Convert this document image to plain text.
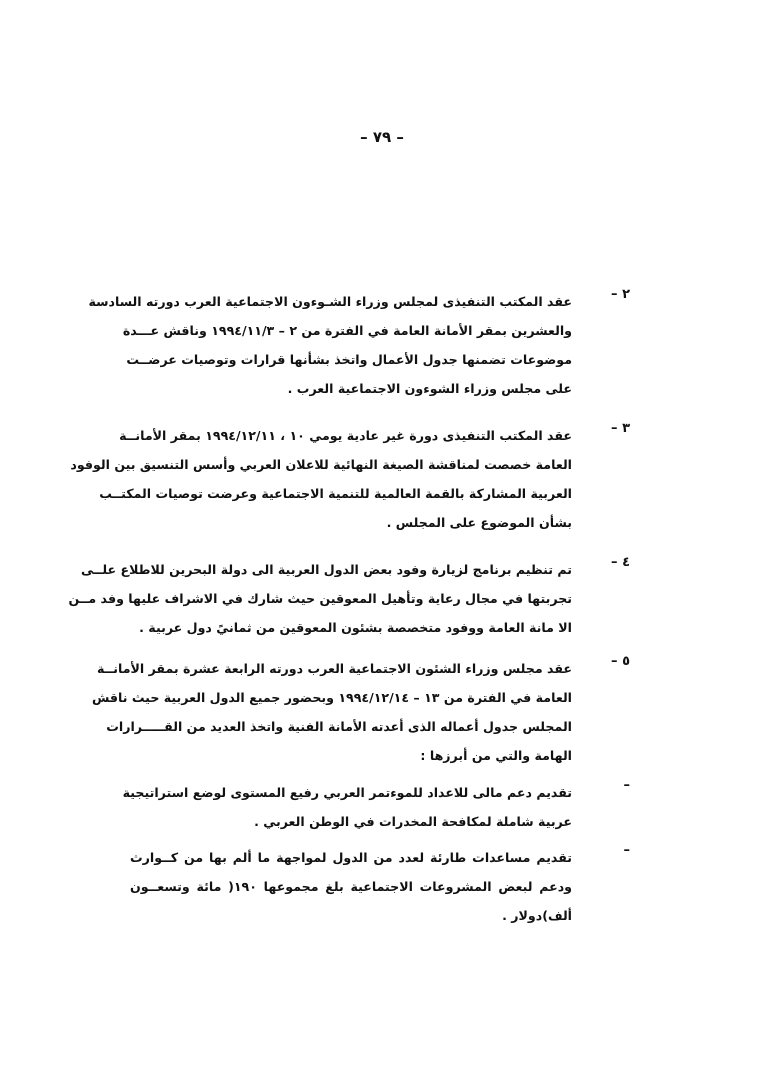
– ٧٩ –
٢ –
عقد المكتب التنفيذى لمجلس وزراء الشـوءون الاجتماعية العرب دورته السادسة
والعشرين بمقر الأمانة العامة في الفترة من ٢ – ١٩٩٤/١١/٣ وناقش عـــدة
موضوعات تضمنها جدول الأعمال واتخذ بشأنها قرارات وتوصيات عرضــت
على مجلس وزراء الشوءون الاجتماعية العرب .
٣ –
عقد المكتب التنفيذى دورة غير عادية يومي ١٠ ، ١٩٩٤/١٢/١١ بمقر الأمانــة
العامة خصصت لمناقشة الصيغة النهائية للاعلان العربي وأسس التنسيق بين الوفود
العربية المشاركة بالقمة العالمية للتنمية الاجتماعية وعرضت توصيات المكتــب
بشأن الموضوع على المجلس .
٤ –
تم تنظيم برنامج لزيارة وفود بعض الدول العربية الى دولة البحرين للاطلاع علــى
تجربتها في مجال رعاية وتأهيل المعوقين حيث شارك في الاشراف عليها وفد مــن
الا مانة العامة ووفود متخصصة بشئون المعوقين من ثمانيً دول عربية .
٥ –
عقد مجلس وزراء الشئون الاجتماعية العرب دورته الرابعة عشرة بمقر الأمانــة
العامة في الفترة من ١٣ – ١٩٩٤/١٢/١٤ وبحضور جميع الدول العربية حيث ناقش
المجلس جدول أعماله الذى أعدته الأمانة الفنية واتخذ العديد من القـــــرارات
الهامة والتي من أبرزها :
–
تقديم دعم مالى للاعداد للموءتمر العربي رفيع المستوى لوضع استراتيجية
عربية شاملة لمكافحة المخدرات في الوطن العربي .
–
تقديم مساعدات طارئة لعدد من الدول لمواجهة ما ألم بها من كــوارث
ودعم لبعض المشروعات الاجتماعية بلغ مجموعها ١٩٠( مائة وتسعــون
ألف)دولار .
